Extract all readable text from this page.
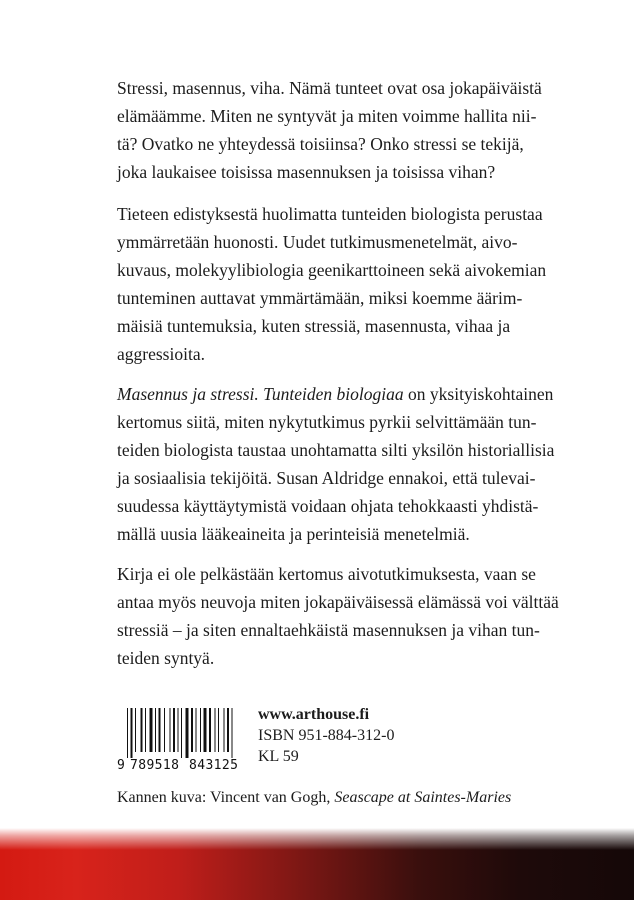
Stressi, masennus, viha. Nämä tunteet ovat osa jokapäiväistä
elämäämme. Miten ne syntyvät ja miten voimme hallita nii-
tä? Ovatko ne yhteydessä toisiinsa? Onko stressi se tekijä,
joka laukaisee toisissa masennuksen ja toisissa vihan?
Tieteen edistyksestä huolimatta tunteiden biologista perustaa
ymmärretään huonosti. Uudet tutkimusmenetelmät, aivo-
kuvaus, molekyylibiologia geenikarttoineen sekä aivokemian
tunteminen auttavat ymmärtämään, miksi koemme äärim-
mäisiä tuntemuksia, kuten stressiä, masennusta, vihaa ja
aggressioita.
Masennus ja stressi. Tunteiden biologiaa on yksityiskohtainen
kertomus siitä, miten nykytutkimus pyrkii selvittämään tun-
teiden biologista taustaa unohtamatta silti yksilön historiallisia
ja sosiaalisia tekijöitä. Susan Aldridge ennakoi, että tulevai-
suudessa käyttäytymistä voidaan ohjata tehokkaasti yhdistä-
mällä uusia lääkeaineita ja perinteisiä menetelmiä.
Kirja ei ole pelkästään kertomus aivotutkimuksesta, vaan se
antaa myös neuvoja miten jokapäiväisessä elämässä voi välttää
stressiä – ja siten ennaltaehkäistä masennuksen ja vihan tun-
teiden syntyä.
9 789518 843125
www.arthouse.fi
ISBN 951-884-312-0
KL 59
Kannen kuva: Vincent van Gogh, Seascape at Saintes-Maries
